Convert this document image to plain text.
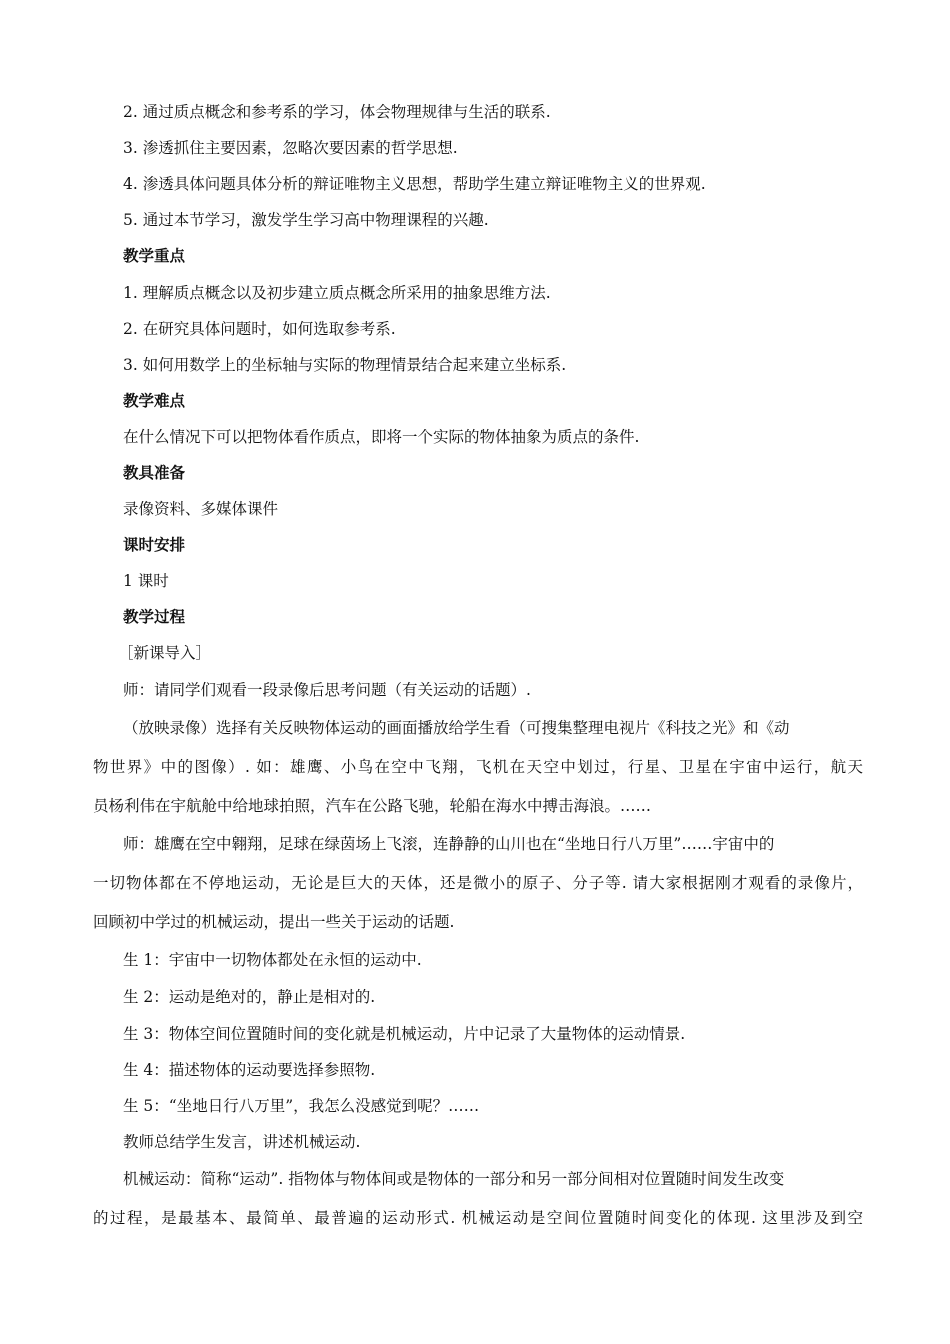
2. 通过质点概念和参考系的学习，体会物理规律与生活的联系.
3. 渗透抓住主要因素，忽略次要因素的哲学思想.
4. 渗透具体问题具体分析的辩证唯物主义思想，帮助学生建立辩证唯物主义的世界观.
5. 通过本节学习，激发学生学习高中物理课程的兴趣.
教学重点
1. 理解质点概念以及初步建立质点概念所采用的抽象思维方法.
2. 在研究具体问题时，如何选取参考系.
3. 如何用数学上的坐标轴与实际的物理情景结合起来建立坐标系.
教学难点
在什么情况下可以把物体看作质点，即将一个实际的物体抽象为质点的条件.
教具准备
录像资料、多媒体课件
课时安排
1 课时
教学过程
［新课导入］
师：请同学们观看一段录像后思考问题（有关运动的话题）.
（放映录像）选择有关反映物体运动的画面播放给学生看（可搜集整理电视片《科技之光》和《动
物世界》中的图像）. 如：雄鹰、小鸟在空中飞翔，飞机在天空中划过，行星、卫星在宇宙中运行，航天
员杨利伟在宇航舱中给地球拍照，汽车在公路飞驰，轮船在海水中搏击海浪。……
师：雄鹰在空中翱翔，足球在绿茵场上飞滚，连静静的山川也在“坐地日行八万里”……宇宙中的
一切物体都在不停地运动，无论是巨大的天体，还是微小的原子、分子等. 请大家根据刚才观看的录像片，
回顾初中学过的机械运动，提出一些关于运动的话题.
生 1：宇宙中一切物体都处在永恒的运动中.
生 2：运动是绝对的，静止是相对的.
生 3：物体空间位置随时间的变化就是机械运动，片中记录了大量物体的运动情景.
生 4：描述物体的运动要选择参照物.
生 5：“坐地日行八万里”，我怎么没感觉到呢？……
教师总结学生发言，讲述机械运动.
机械运动：简称“运动”. 指物体与物体间或是物体的一部分和另一部分间相对位置随时间发生改变
的过程，是最基本、最简单、最普遍的运动形式. 机械运动是空间位置随时间变化的体现. 这里涉及到空
